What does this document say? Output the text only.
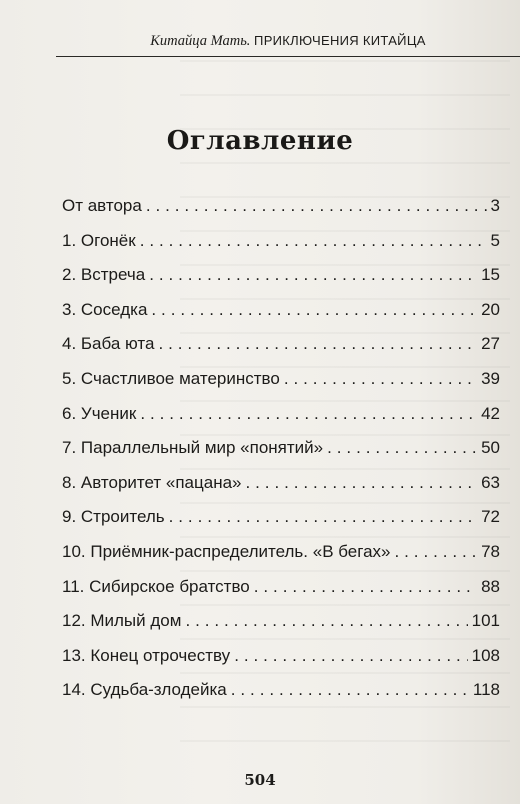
Китайца Мать. ПРИКЛЮЧЕНИЯ КИТАЙЦА
Оглавление
От автора . . .	3
1. Огонёк . . .	5
2. Встреча . . .	15
3. Соседка . . .	20
4. Баба юта . . .	27
5. Счастливое материнство . . .	39
6. Ученик . . .	42
7. Параллельный мир «понятий» . . .	50
8. Авторитет «пацана» . . .	63
9. Строитель . . .	72
10. Приёмник-распределитель. «В бегах» . . .	78
11. Сибирское братство . . .	88
12. Милый дом . . .	101
13. Конец отрочеству . . .	108
14. Судьба-злодейка . . .	118
504
